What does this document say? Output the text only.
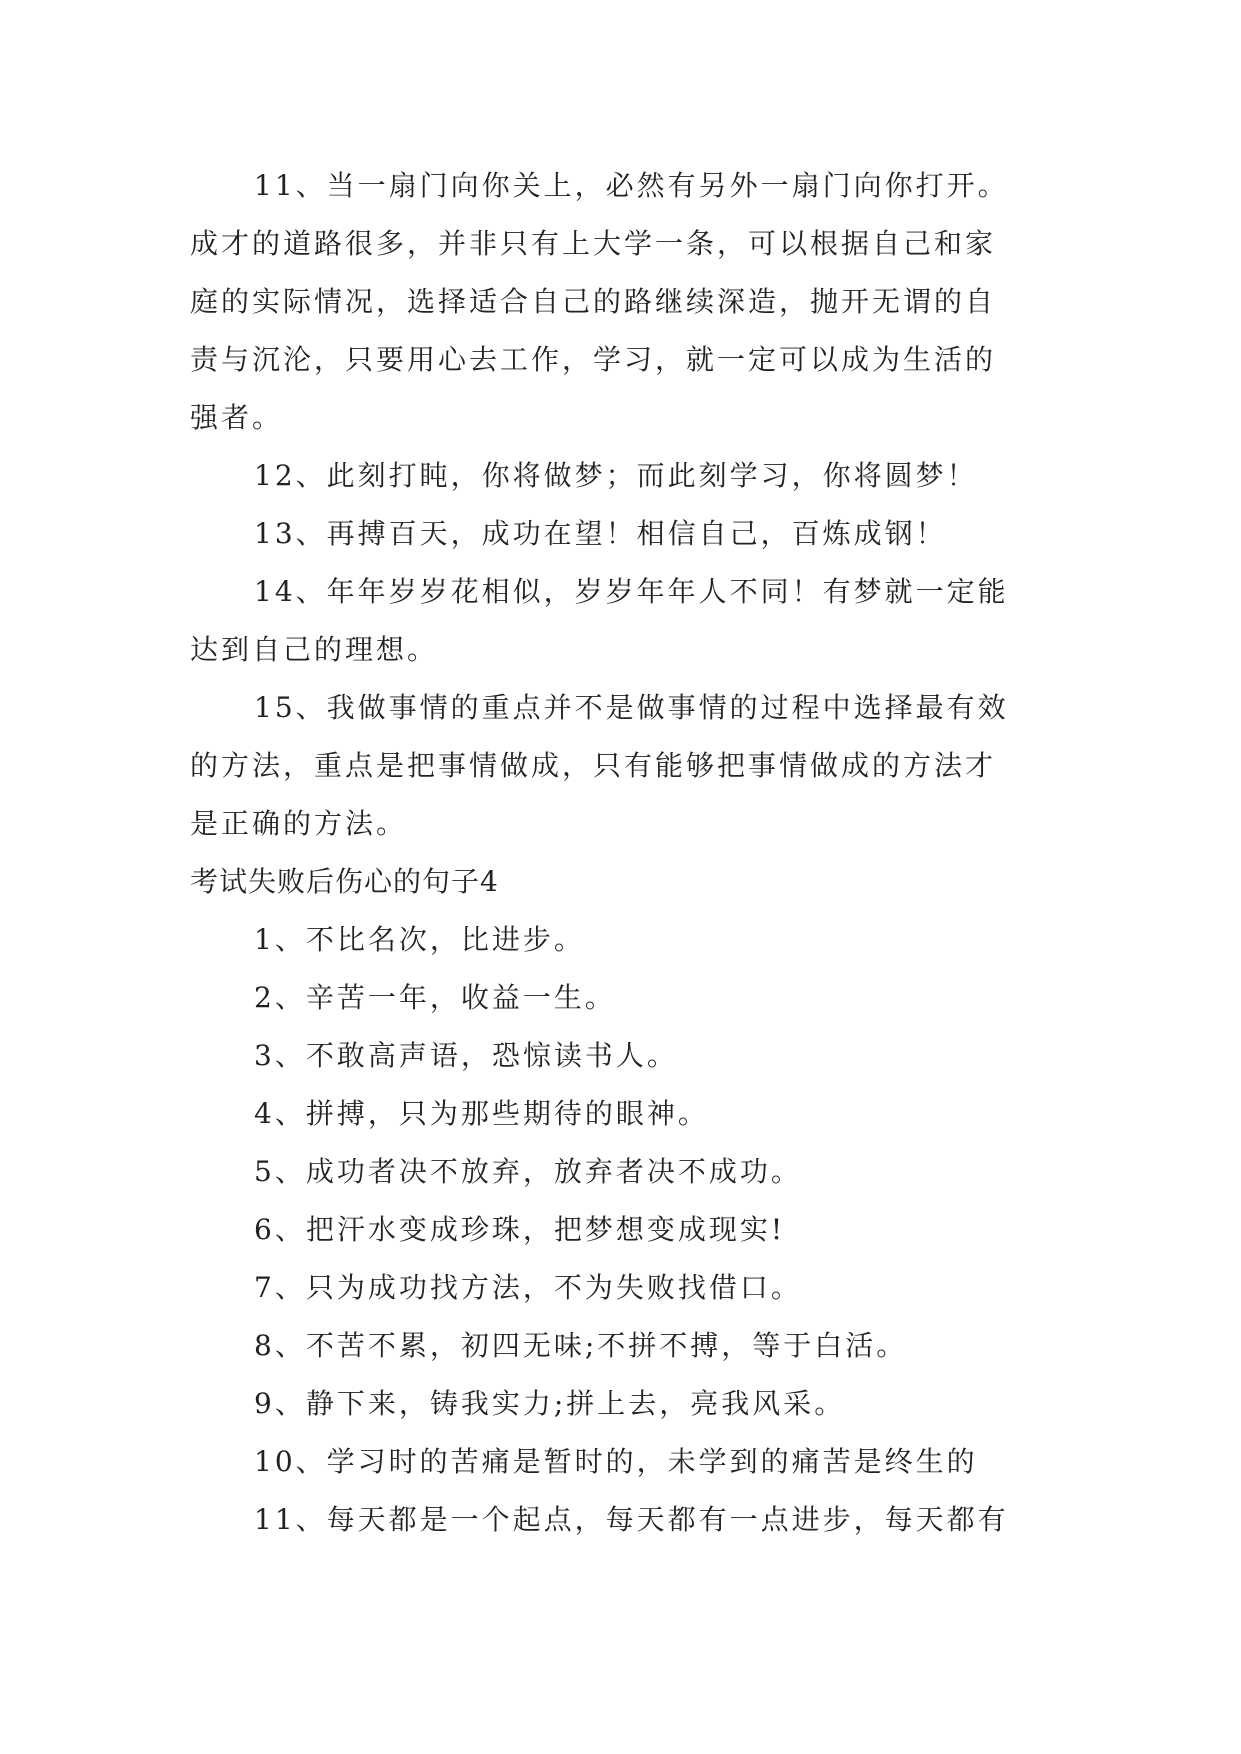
11、当一扇门向你关上，必然有另外一扇门向你打开。
成才的道路很多，并非只有上大学一条，可以根据自己和家
庭的实际情况，选择适合自己的路继续深造，抛开无谓的自
责与沉沦，只要用心去工作，学习，就一定可以成为生活的
强者。

12、此刻打盹，你将做梦；而此刻学习，你将圆梦！

13、再搏百天，成功在望！相信自己，百炼成钢！

14、年年岁岁花相似，岁岁年年人不同！有梦就一定能
达到自己的理想。

15、我做事情的重点并不是做事情的过程中选择最有效
的方法，重点是把事情做成，只有能够把事情做成的方法才
是正确的方法。

考试失败后伤心的句子4

1、不比名次，比进步。

2、辛苦一年，收益一生。

3、不敢高声语，恐惊读书人。

4、拼搏，只为那些期待的眼神。

5、成功者决不放弃，放弃者决不成功。

6、把汗水变成珍珠，把梦想变成现实!

7、只为成功找方法，不为失败找借口。

8、不苦不累，初四无味;不拼不搏，等于白活。

9、静下来，铸我实力;拼上去，亮我风采。

10、学习时的苦痛是暂时的，未学到的痛苦是终生的

11、每天都是一个起点，每天都有一点进步，每天都有
